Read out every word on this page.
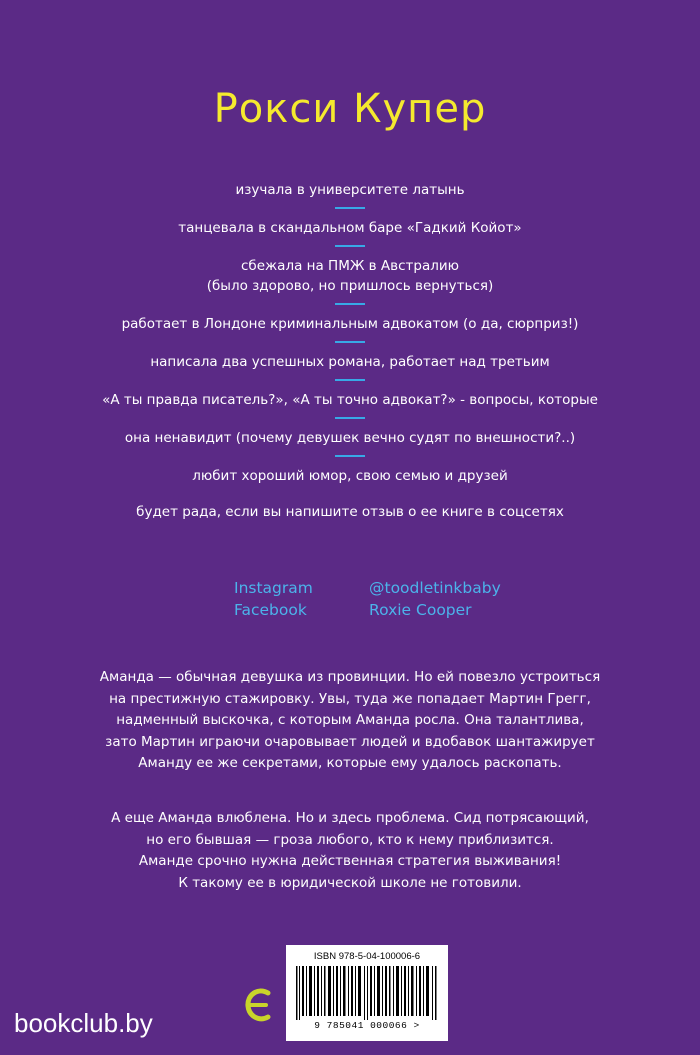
Рокси Купер
изучала в университете латынь
танцевала в скандальном баре «Гадкий Койот»
сбежала на ПМЖ в Австралию
(было здорово, но пришлось вернуться)
работает в Лондоне криминальным адвокатом (о да, сюрприз!)
написала два успешных романа, работает над третьим
«А ты правда писатель?», «А ты точно адвокат?» - вопросы, которые
она ненавидит (почему девушек вечно судят по внешности?..)
любит хороший юмор, свою семью и друзей
будет рада, если вы напишите отзыв о ее книге в соцсетях
Instagram	@toodletinkbaby
Facebook	Roxie Cooper
Аманда — обычная девушка из провинции. Но ей повезло устроиться
на престижную стажировку. Увы, туда же попадает Мартин Грегг,
надменный выскочка, с которым Аманда росла. Она талантлива,
зато Мартин играючи очаровывает людей и вдобавок шантажирует
Аманду ее же секретами, которые ему удалось раскопать.
А еще Аманда влюблена. Но и здесь проблема. Сид потрясающий,
но его бывшая — гроза любого, кто к нему приблизится.
Аманде срочно нужна действенная стратегия выживания!
К такому ее в юридической школе не готовили.
ISBN 978-5-04-100006-6
9 785041 000066 >
bookclub.by
